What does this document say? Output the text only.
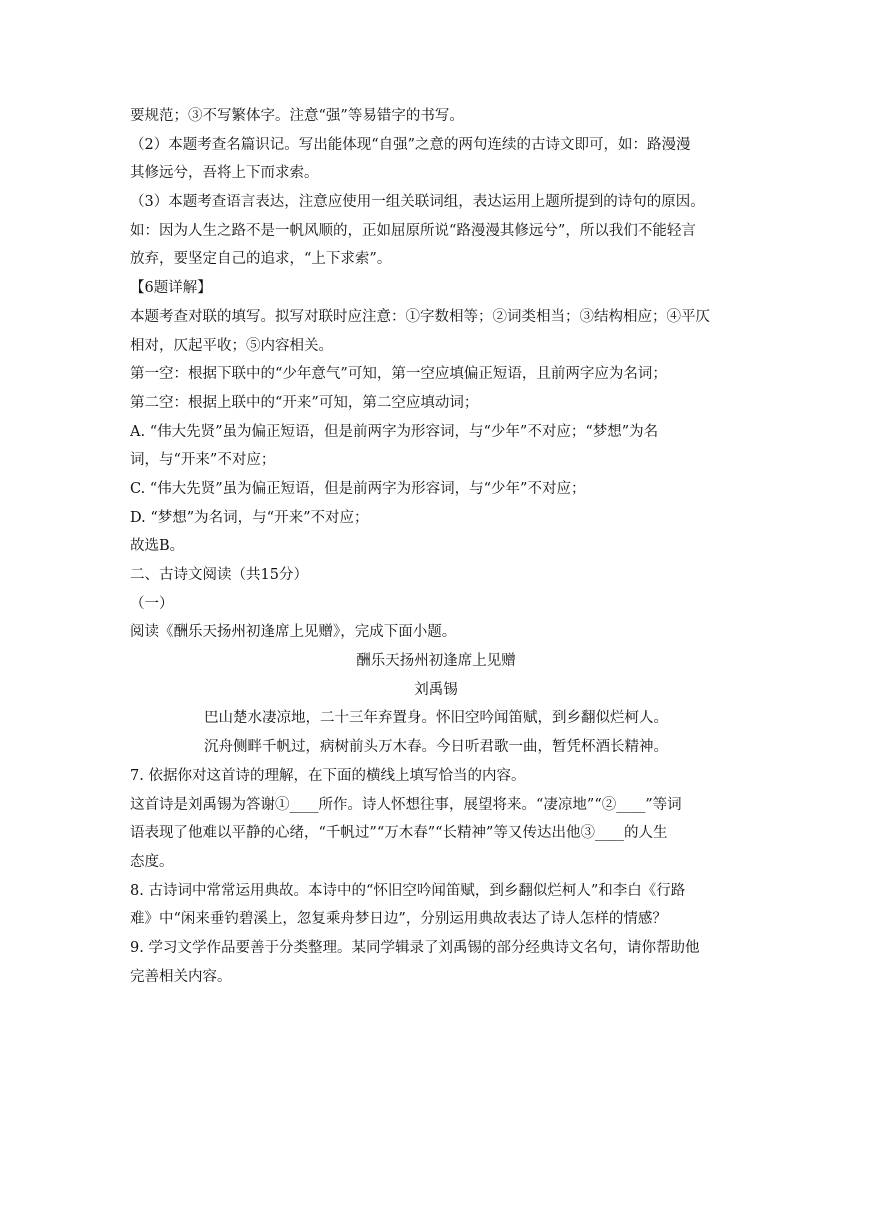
要规范；③不写繁体字。注意“强”等易错字的书写。
（2）本题考查名篇识记。写出能体现“自强”之意的两句连续的古诗文即可，如：路漫漫
其修远兮，吾将上下而求索。
（3）本题考查语言表达，注意应使用一组关联词组，表达运用上题所提到的诗句的原因。
如：因为人生之路不是一帆风顺的，正如屈原所说“路漫漫其修远兮”，所以我们不能轻言
放弃，要坚定自己的追求，“上下求索”。
【6题详解】
本题考查对联的填写。拟写对联时应注意：①字数相等；②词类相当；③结构相应；④平仄
相对，仄起平收；⑤内容相关。
第一空：根据下联中的“少年意气”可知，第一空应填偏正短语，且前两字应为名词；
第二空：根据上联中的“开来”可知，第二空应填动词；
A. “伟大先贤”虽为偏正短语，但是前两字为形容词，与“少年”不对应；“梦想”为名
词，与“开来”不对应；
C. “伟大先贤”虽为偏正短语，但是前两字为形容词，与“少年”不对应；
D. “梦想”为名词，与“开来”不对应；
故选B。
二、古诗文阅读（共15分）
（一）
阅读《酬乐天扬州初逢席上见赠》，完成下面小题。
酬乐天扬州初逢席上见赠
刘禹锡
巴山楚水凄凉地，二十三年弃置身。怀旧空吟闻笛赋，到乡翻似烂柯人。
沉舟侧畔千帆过，病树前头万木春。今日听君歌一曲，暂凭杯酒长精神。
7. 依据你对这首诗的理解，在下面的横线上填写恰当的内容。
这首诗是刘禹锡为答谢①____所作。诗人怀想往事，展望将来。“凄凉地”“②____”等词
语表现了他难以平静的心绪，“千帆过”“万木春”“长精神”等又传达出他③____的人生
态度。
8. 古诗词中常常运用典故。本诗中的“怀旧空吟闻笛赋，到乡翻似烂柯人”和李白《行路
难》中“闲来垂钓碧溪上，忽复乘舟梦日边”，分别运用典故表达了诗人怎样的情感？
9. 学习文学作品要善于分类整理。某同学辑录了刘禹锡的部分经典诗文名句，请你帮助他
完善相关内容。
